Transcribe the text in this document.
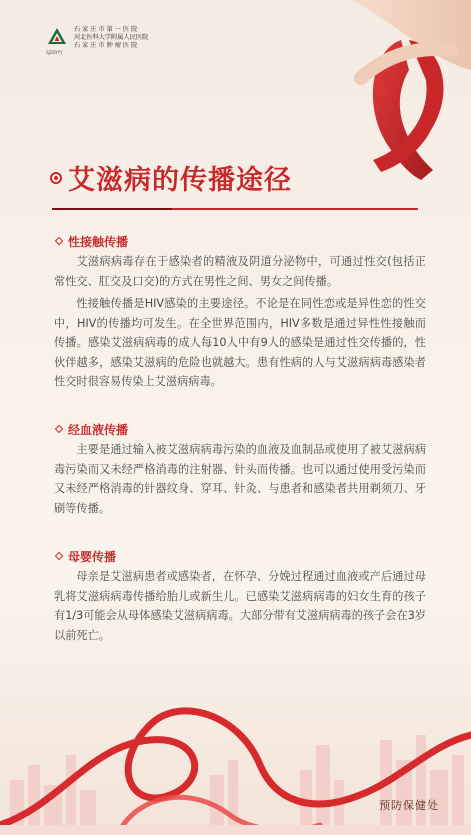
石 家 庄 市 第 一 医 院
河北医科大学附属人民医院
石 家 庄 市 肿 瘤 医 院
SJZDYYY
艾滋病的传播途径
性接触传播

艾滋病病毒存在于感染者的精液及阴道分泌物中，可通过性交(包括正常性交、肛交及口交)的方式在男性之间、男女之间传播。

性接触传播是HIV感染的主要途径。不论是在同性恋或是异性恋的性交中，HIV的传播均可发生。在全世界范围内，HIV多数是通过异性性接触而传播。感染艾滋病病毒的成人每10人中有9人的感染是通过性交传播的，性伙伴越多，感染艾滋病的危险也就越大。患有性病的人与艾滋病病毒感染者性交时很容易传染上艾滋病病毒。

经血液传播

主要是通过输入被艾滋病病毒污染的血液及血制品或使用了被艾滋病病毒污染而又未经严格消毒的注射器、针头而传播。也可以通过使用受污染而又未经严格消毒的针器纹身、穿耳、针灸、与患者和感染者共用剃须刀、牙刷等传播。

母婴传播

母亲是艾滋病患者或感染者，在怀孕、分娩过程通过血液或产后通过母乳将艾滋病病毒传播给胎儿或新生儿。已感染艾滋病病毒的妇女生育的孩子有1/3可能会从母体感染艾滋病病毒。大部分带有艾滋病病毒的孩子会在3岁以前死亡。

预防保健处
